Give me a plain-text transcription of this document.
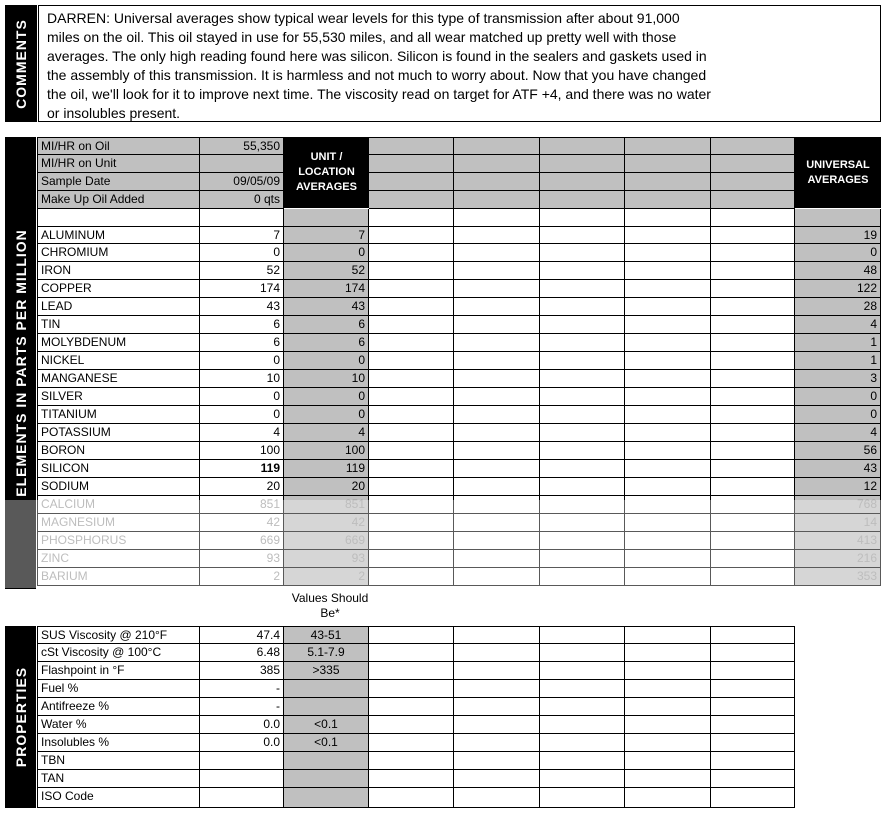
COMMENTS
DARREN: Universal averages show typical wear levels for this type of transmission after about 91,000
miles on the oil. This oil stayed in use for 55,530 miles, and all wear matched up pretty well with those
averages. The only high reading found here was silicon. Silicon is found in the sealers and gaskets used in
the assembly of this transmission. It is harmless and not much to worry about. Now that you have changed
the oil, we'll look for it to improve next time. The viscosity read on target for ATF +4, and there was no water
or insolubles present.
ELEMENTS IN PARTS PER MILLION
PROPERTIES
MI/HR on Oil	55,350
MI/HR on Unit
Sample Date	09/05/09
Make Up Oil Added	0 qts
ALUMINUM	7	7	19
CHROMIUM	0	0	0
IRON	52	52	48
COPPER	174	174	122
LEAD	43	43	28
TIN	6	6	4
MOLYBDENUM	6	6	1
NICKEL	0	0	1
MANGANESE	10	10	3
SILVER	0	0	0
TITANIUM	0	0	0
POTASSIUM	4	4	4
BORON	100	100	56
SILICON	119	119	43
SODIUM	20	20	12
CALCIUM	851	851	768
MAGNESIUM	42	42	14
PHOSPHORUS	669	669	413
ZINC	93	93	216
BARIUM	2	2	353
SUS Viscosity @ 210°F	47.4	43-51
cSt Viscosity @ 100°C	6.48	5.1-7.9
Flashpoint in °F	385	>335
Fuel %	-
Antifreeze %	-
Water %	0.0	<0.1
Insolubles %	0.0	<0.1
TBN
TAN
ISO Code
UNIT / LOCATION AVERAGES
UNIVERSAL AVERAGES
Values Should Be*
